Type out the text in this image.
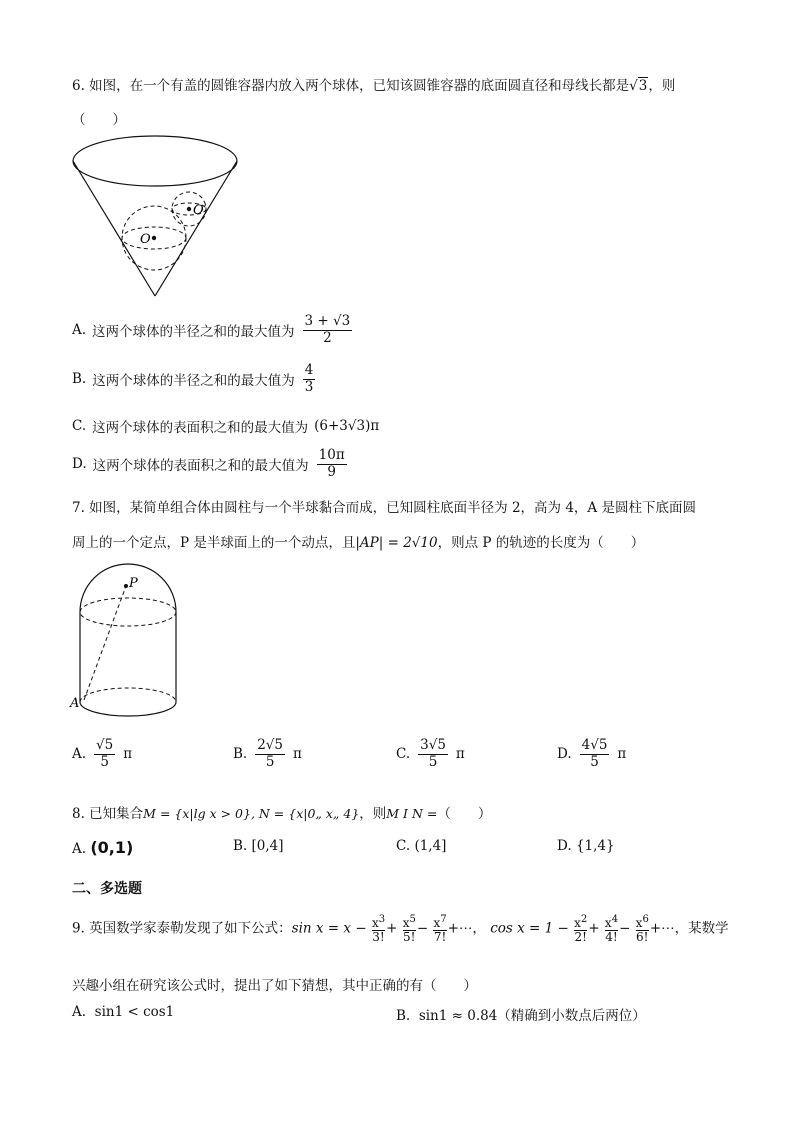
6. 如图，在一个有盖的圆锥容器内放入两个球体，已知该圆锥容器的底面圆直径和母线长都是√3，则
（　　）
O
O′
A. 这两个球体的半径之和的最大值为 $\frac{3 + √3}{2}$
B. 这两个球体的半径之和的最大值为 $\frac{4}{3}$
C. 这两个球体的表面积之和的最大值为 (6+3√3)π
D. 这两个球体的表面积之和的最大值为 $\frac{10\pi}{9}$
7. 如图，某简单组合体由圆柱与一个半球黏合而成，已知圆柱底面半径为 2，高为 4，A 是圆柱下底面圆
周上的一个定点，P 是半球面上的一个动点，且|AP| = 2√10，则点 P 的轨迹的长度为（　　）
P
A
A. $\frac{√5}{5}$ π	B. $\frac{2√5}{5}$ π	C. $\frac{3√5}{5}$ π	D. $\frac{4√5}{5}$ π
8. 已知集合M = {x|lg x > 0}, N = {x|0„ x„ 4}，则M I N =（　　）
A. (0,1)	B. [0,4]	C. (1,4]	D. {1,4}
二、多选题
9. 英国数学家泰勒发现了如下公式：$\sin x = x - \frac{x^3}{3!} + \frac{x^5}{5!} - \frac{x^7}{7!}$ +⋯， $\cos x = 1 - \frac{x^2}{2!} + \frac{x^4}{4!} - \frac{x^6}{6!}$ +⋯，某数学
兴趣小组在研究该公式时，提出了如下猜想，其中正确的有（　　）
A. sin1 < cos1	B. sin1 ≈ 0.84（精确到小数点后两位）
